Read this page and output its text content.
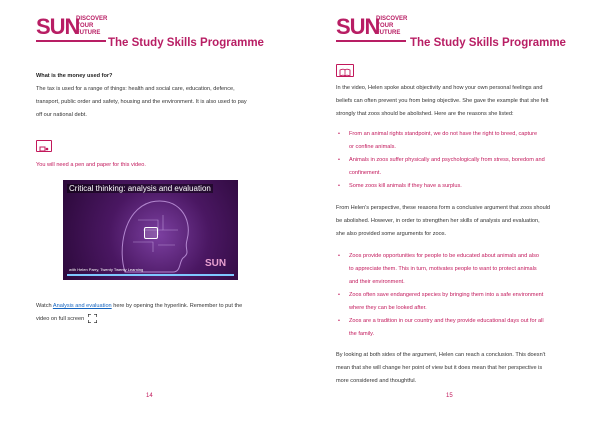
SUN
DISCOVER
YOUR
FUTURE
The Study Skills Programme
What is the money used for?
The tax is used for a range of things: health and social care, education, defence,
transport, public order and safety, housing and the environment. It is also used to pay
off our national debt.
You will need a pen and paper for this video.
Critical thinking: analysis and evaluation
with Helen Parry, Twenty Twenty Learning
SUN
Watch Analysis and evaluation here by opening the hyperlink. Remember to put the
video on full screen
14
SUN
DISCOVER
YOUR
FUTURE
The Study Skills Programme
In the video, Helen spoke about objectivity and how your own personal feelings and
beliefs can often prevent you from being objective. She gave the example that she felt
strongly that zoos should be abolished. Here are the reasons she listed:
• From an animal rights standpoint, we do not have the right to breed, capture
or confine animals.
• Animals in zoos suffer physically and psychologically from stress, boredom and
confinement.
• Some zoos kill animals if they have a surplus.
From Helen's perspective, these reasons form a conclusive argument that zoos should
be abolished. However, in order to strengthen her skills of analysis and evaluation,
she also provided some arguments for zoos.
• Zoos provide opportunities for people to be educated about animals and also
to appreciate them. This in turn, motivates people to want to protect animals
and their environment.
• Zoos often save endangered species by bringing them into a safe environment
where they can be looked after.
• Zoos are a tradition in our country and they provide educational days out for all
the family.
By looking at both sides of the argument, Helen can reach a conclusion. This doesn't
mean that she will change her point of view but it does mean that her perspective is
more considered and thoughtful.
15
